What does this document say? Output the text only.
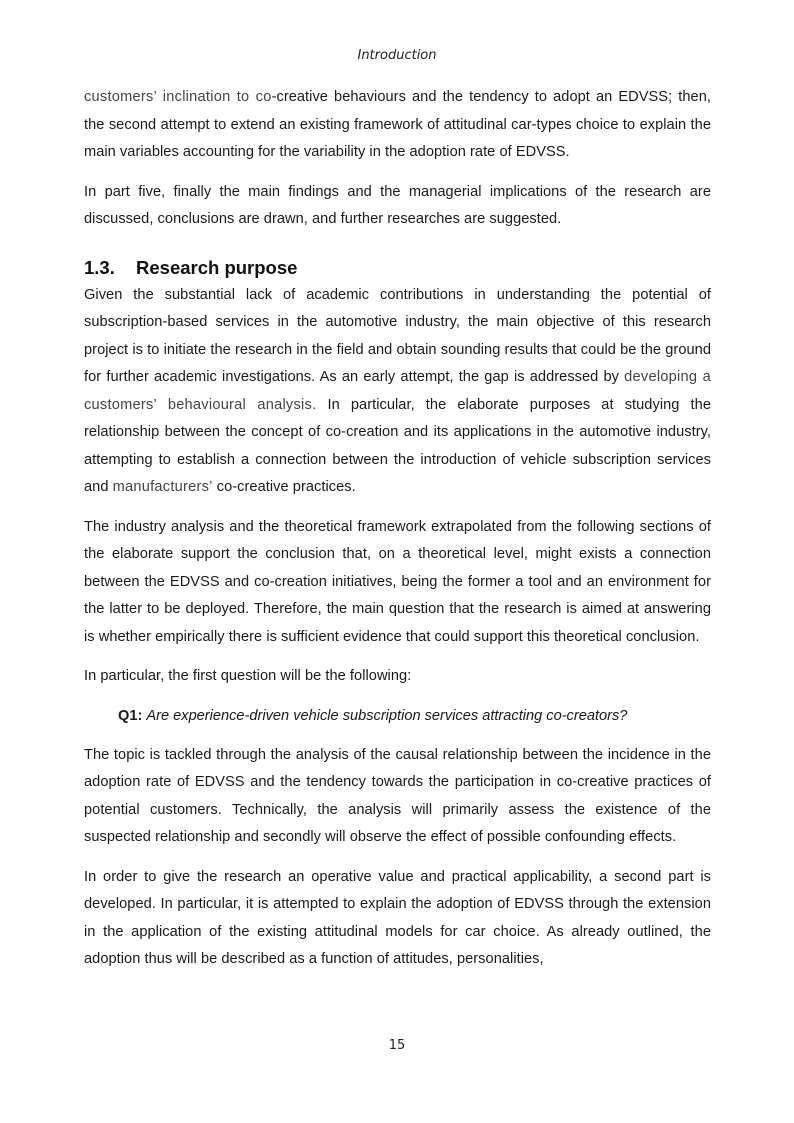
Introduction

customers’ inclination to co-creative behaviours and the tendency to adopt an EDVSS; then, the second attempt to extend an existing framework of attitudinal car-types choice to explain the main variables accounting for the variability in the adoption rate of EDVSS.

In part five, finally the main findings and the managerial implications of the research are discussed, conclusions are drawn, and further researches are suggested.

1.3. Research purpose

Given the substantial lack of academic contributions in understanding the potential of subscription-based services in the automotive industry, the main objective of this research project is to initiate the research in the field and obtain sounding results that could be the ground for further academic investigations. As an early attempt, the gap is addressed by developing a customers’ behavioural analysis. In particular, the elaborate purposes at studying the relationship between the concept of co-creation and its applications in the automotive industry, attempting to establish a connection between the introduction of vehicle subscription services and manufacturers’ co-creative practices.

The industry analysis and the theoretical framework extrapolated from the following sections of the elaborate support the conclusion that, on a theoretical level, might exists a connection between the EDVSS and co-creation initiatives, being the former a tool and an environment for the latter to be deployed. Therefore, the main question that the research is aimed at answering is whether empirically there is sufficient evidence that could support this theoretical conclusion.

In particular, the first question will be the following:

Q1: Are experience-driven vehicle subscription services attracting co-creators?

The topic is tackled through the analysis of the causal relationship between the incidence in the adoption rate of EDVSS and the tendency towards the participation in co-creative practices of potential customers. Technically, the analysis will primarily assess the existence of the suspected relationship and secondly will observe the effect of possible confounding effects.

In order to give the research an operative value and practical applicability, a second part is developed. In particular, it is attempted to explain the adoption of EDVSS through the extension in the application of the existing attitudinal models for car choice. As already outlined, the adoption thus will be described as a function of attitudes, personalities,

15
